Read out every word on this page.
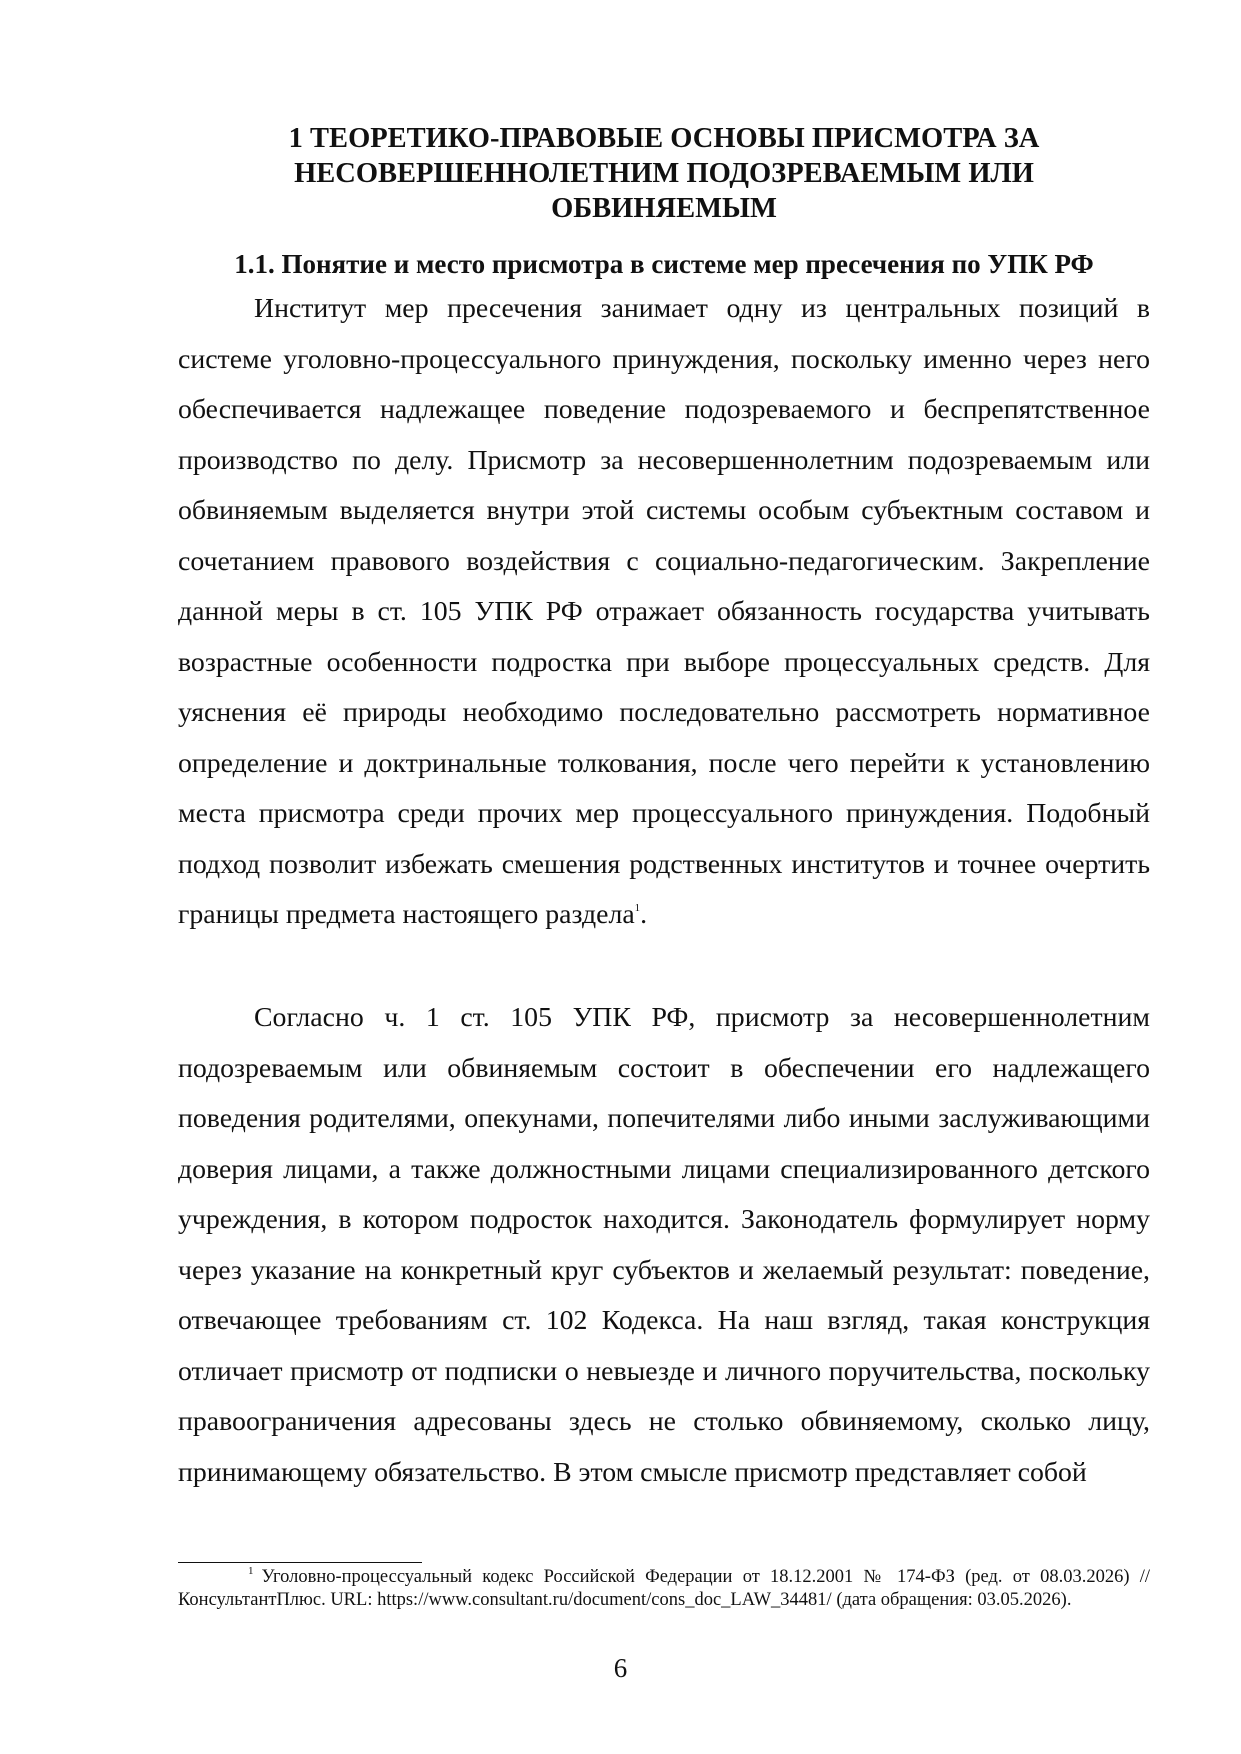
1 ТЕОРЕТИКО-ПРАВОВЫЕ ОСНОВЫ ПРИСМОТРА ЗА НЕСОВЕРШЕННОЛЕТНИМ ПОДОЗРЕВАЕМЫМ ИЛИ ОБВИНЯЕМЫМ
1.1. Понятие и место присмотра в системе мер пресечения по УПК РФ

Институт мер пресечения занимает одну из центральных позиций в системе уголовно-процессуального принуждения, поскольку именно через него обеспечивается надлежащее поведение подозреваемого и беспрепятственное производство по делу. Присмотр за несовершеннолетним подозреваемым или обвиняемым выделяется внутри этой системы особым субъектным составом и сочетанием правового воздействия с социально-педагогическим. Закрепление данной меры в ст. 105 УПК РФ отражает обязанность государства учитывать возрастные особенности подростка при выборе процессуальных средств. Для уяснения её природы необходимо последовательно рассмотреть нормативное определение и доктринальные толкования, после чего перейти к установлению места присмотра среди прочих мер процессуального принуждения. Подобный подход позволит избежать смешения родственных институтов и точнее очертить границы предмета настоящего раздела$^1$.

Согласно ч. 1 ст. 105 УПК РФ, присмотр за несовершеннолетним подозреваемым или обвиняемым состоит в обеспечении его надлежащего поведения родителями, опекунами, попечителями либо иными заслуживающими доверия лицами, а также должностными лицами специализированного детского учреждения, в котором подросток находится. Законодатель формулирует норму через указание на конкретный круг субъектов и желаемый результат: поведение, отвечающее требованиям ст. 102 Кодекса. На наш взгляд, такая конструкция отличает присмотр от подписки о невыезде и личного поручительства, поскольку правоограничения адресованы здесь не столько обвиняемому, сколько лицу, принимающему обязательство. В этом смысле присмотр представляет собой

$^1$ Уголовно-процессуальный кодекс Российской Федерации от 18.12.2001 № 174-ФЗ (ред. от 08.03.2026) // КонсультантПлюс. URL: https://www.consultant.ru/document/cons_doc_LAW_34481/ (дата обращения: 03.05.2026).

6
